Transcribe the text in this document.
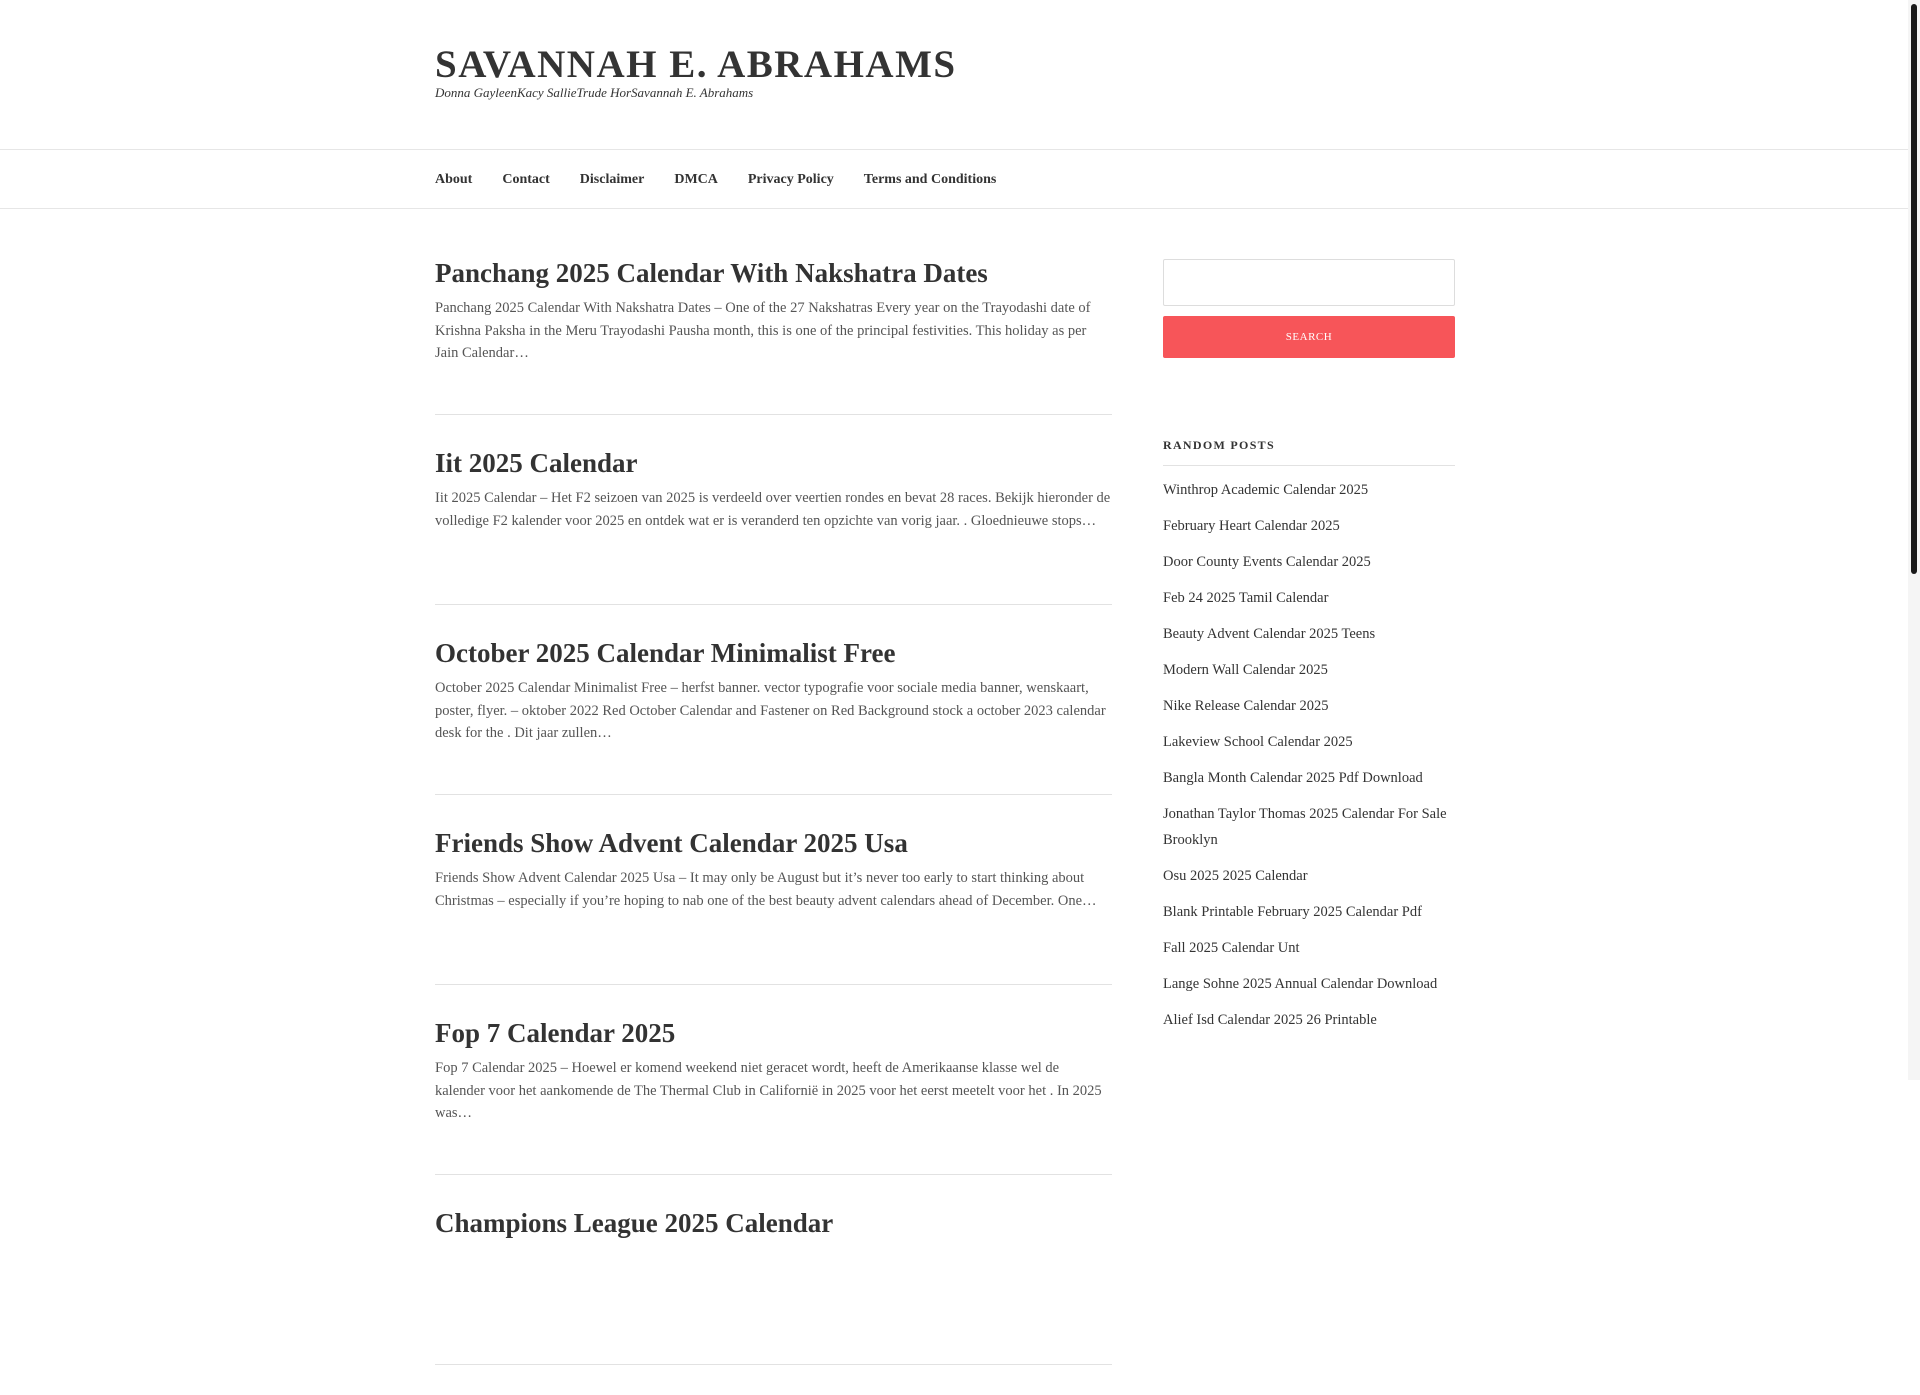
SAVANNAH E. ABRAHAMS
Donna GayleenKacy SallieTrude HorSavannah E. Abrahams
About Contact Disclaimer DMCA Privacy Policy Terms and Conditions
Panchang 2025 Calendar With Nakshatra Dates

Panchang 2025 Calendar With Nakshatra Dates – One of the 27 Nakshatras Every year on the Trayodashi date of Krishna Paksha in the Meru Trayodashi Pausha month, this is one of the principal festivities. This holiday as per Jain Calendar…

Iit 2025 Calendar

Iit 2025 Calendar – Het F2 seizoen van 2025 is verdeeld over veertien rondes en bevat 28 races. Bekijk hieronder de volledige F2 kalender voor 2025 en ontdek wat er is veranderd ten opzichte van vorig jaar. . Gloednieuwe stops…

October 2025 Calendar Minimalist Free

October 2025 Calendar Minimalist Free – herfst banner. vector typografie voor sociale media banner, wenskaart, poster, flyer. – oktober 2022 Red October Calendar and Fastener on Red Background stock a october 2023 calendar desk for the . Dit jaar zullen…

Friends Show Advent Calendar 2025 Usa

Friends Show Advent Calendar 2025 Usa – It may only be August but it’s never too early to start thinking about Christmas – especially if you’re hoping to nab one of the best beauty advent calendars ahead of December. One…

Fop 7 Calendar 2025

Fop 7 Calendar 2025 – Hoewel er komend weekend niet geracet wordt, heeft de Amerikaanse klasse wel de kalender voor het aankomende de The Thermal Club in Californië in 2025 voor het eerst meetelt voor het . In 2025 was…

Champions League 2025 Calendar

SEARCH
RANDOM POSTS
Winthrop Academic Calendar 2025
February Heart Calendar 2025
Door County Events Calendar 2025
Feb 24 2025 Tamil Calendar
Beauty Advent Calendar 2025 Teens
Modern Wall Calendar 2025
Nike Release Calendar 2025
Lakeview School Calendar 2025
Bangla Month Calendar 2025 Pdf Download
Jonathan Taylor Thomas 2025 Calendar For Sale Brooklyn
Osu 2025 2025 Calendar
Blank Printable February 2025 Calendar Pdf
Fall 2025 Calendar Unt
Lange Sohne 2025 Annual Calendar Download
Alief Isd Calendar 2025 26 Printable
